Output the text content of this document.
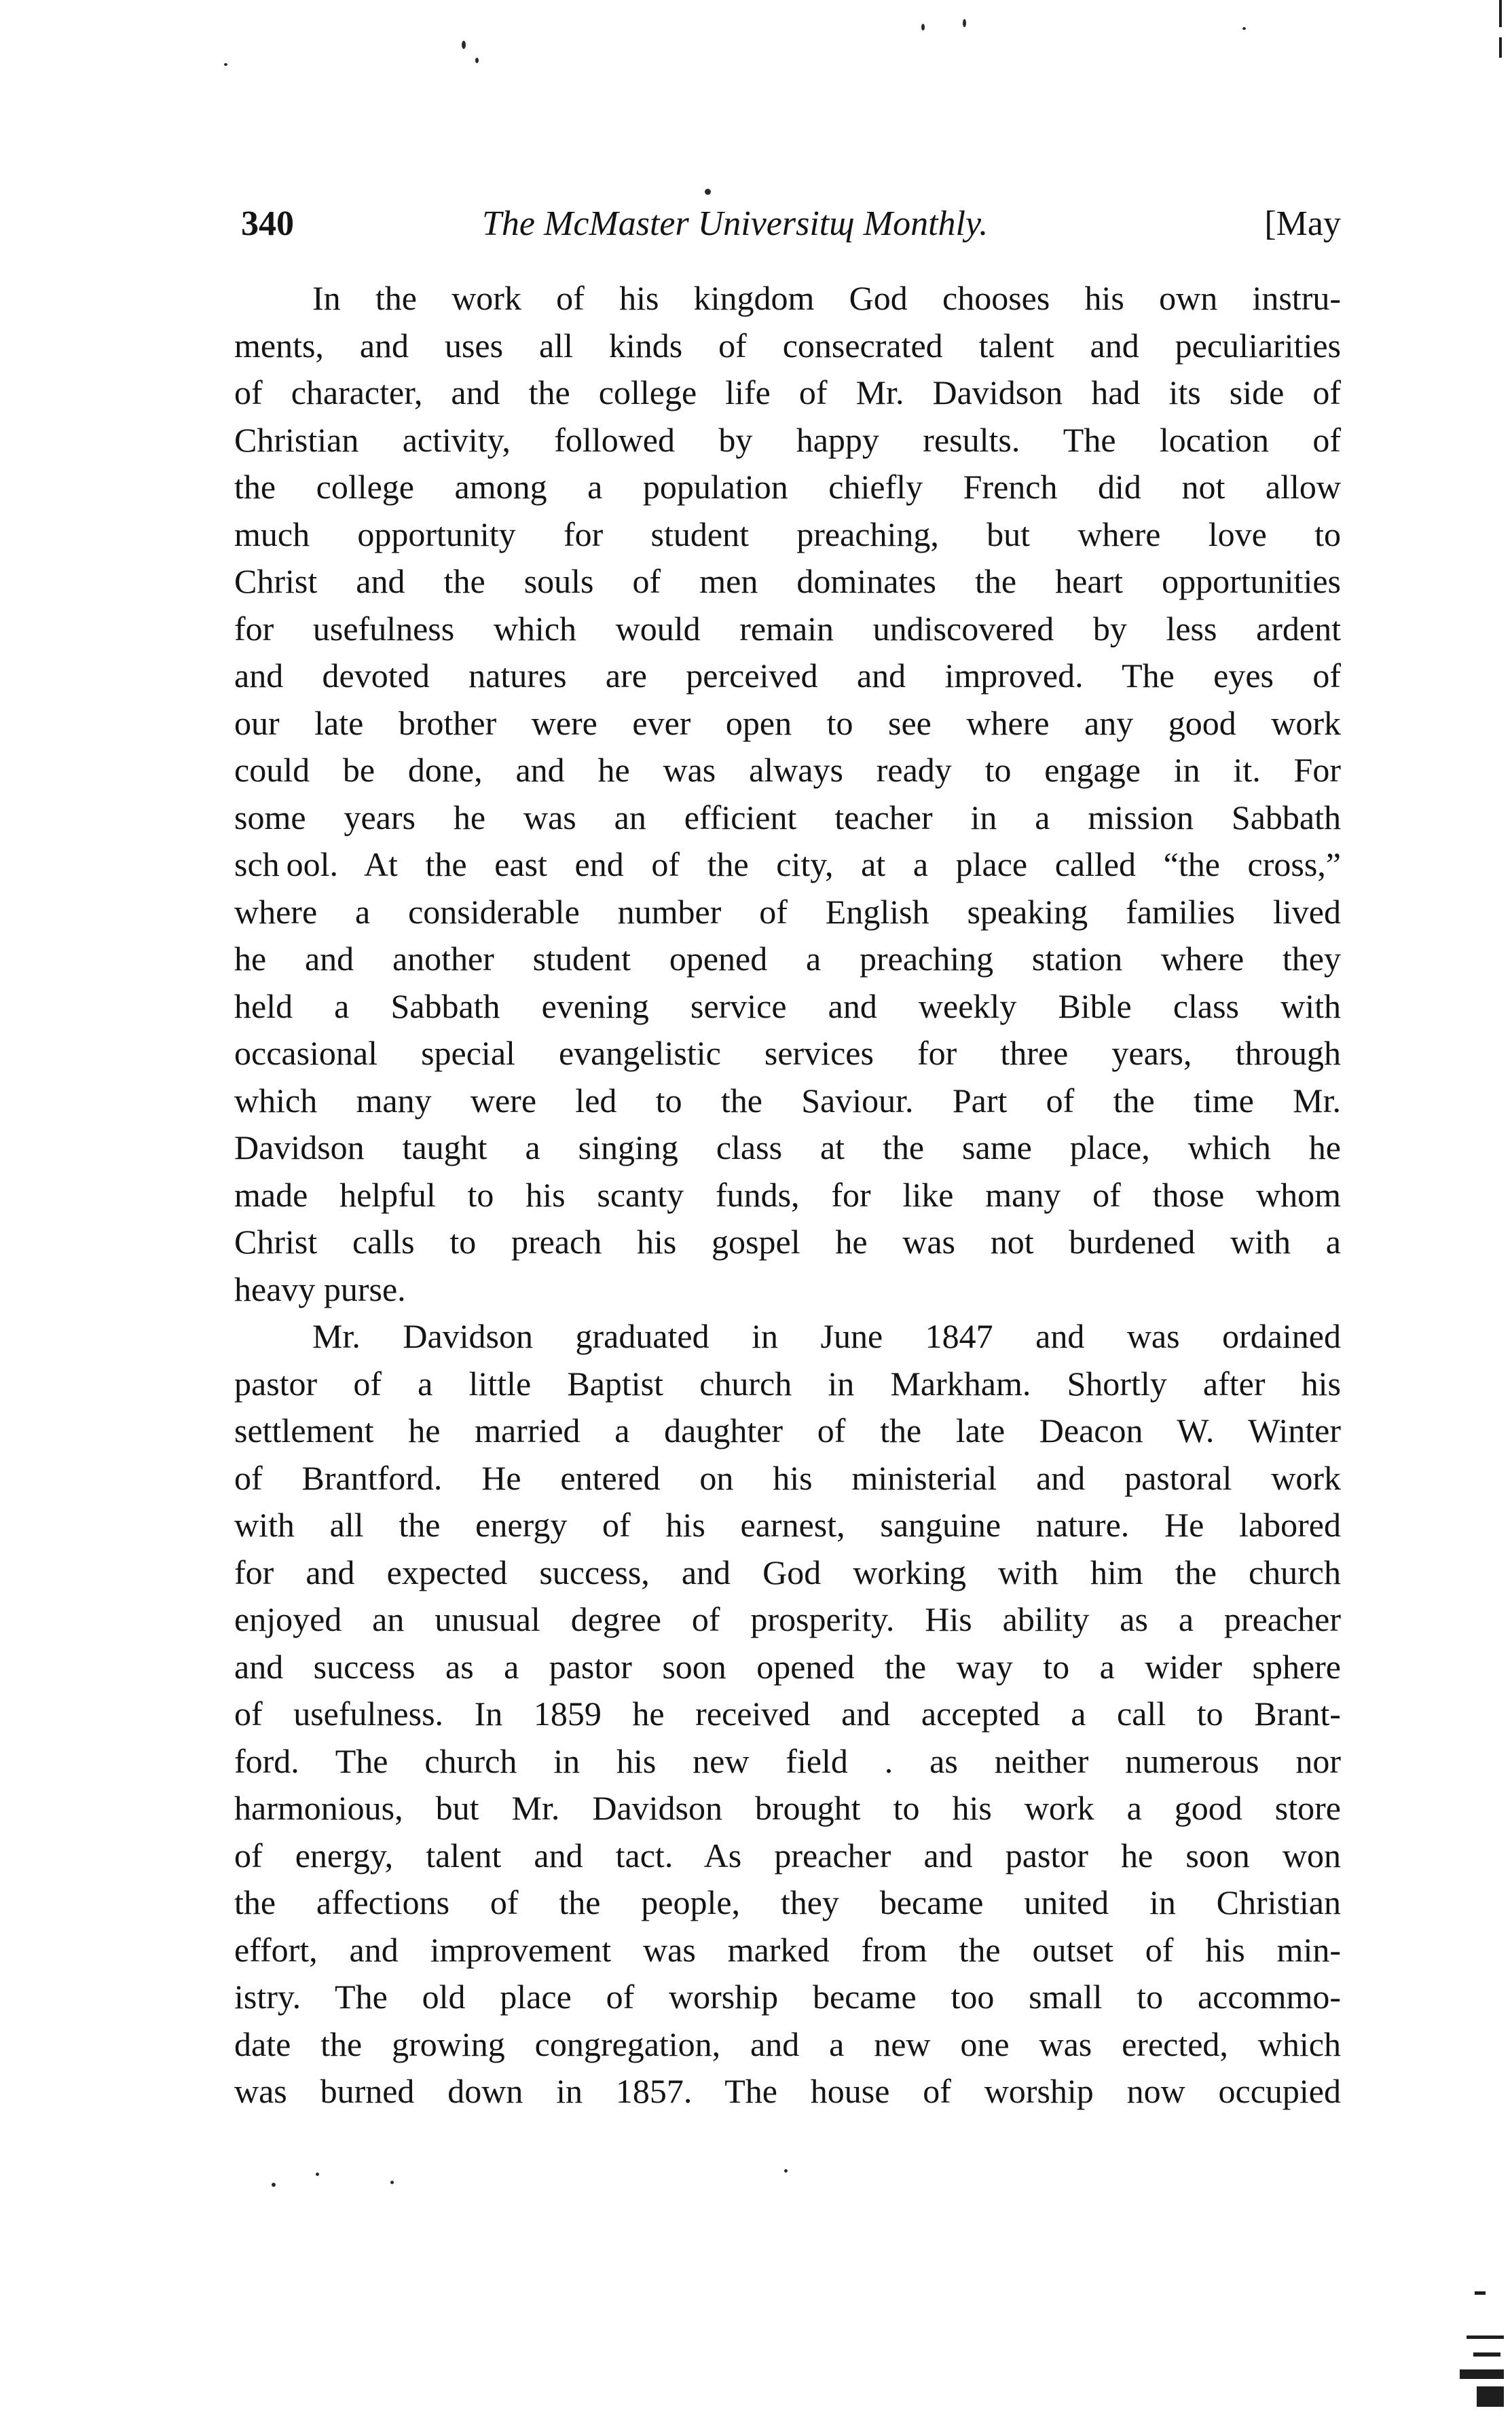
340	The McMaster Universitɰ Monthly.	[May
In the work of his kingdom God chooses his own instru-
ments, and uses all kinds of consecrated talent and peculiarities
of character, and the college life of Mr. Davidson had its side of
Christian activity, followed by happy results. The location of
the college among a population chiefly French did not allow
much opportunity for student preaching, but where love to
Christ and the souls of men dominates the heart opportunities
for usefulness which would remain undiscovered by less ardent
and devoted natures are perceived and improved. The eyes of
our late brother were ever open to see where any good work
could be done, and he was always ready to engage in it. For
some years he was an efficient teacher in a mission Sabbath
sch ool. At the east end of the city, at a place called “the cross,”
where a considerable number of English speaking families lived
he and another student opened a preaching station where they
held a Sabbath evening service and weekly Bible class with
occasional special evangelistic services for three years, through
which many were led to the Saviour. Part of the time Mr.
Davidson taught a singing class at the same place, which he
made helpful to his scanty funds, for like many of those whom
Christ calls to preach his gospel he was not burdened with a
heavy purse.
Mr. Davidson graduated in June 1847 and was ordained
pastor of a little Baptist church in Markham. Shortly after his
settlement he married a daughter of the late Deacon W. Winter
of Brantford. He entered on his ministerial and pastoral work
with all the energy of his earnest, sanguine nature. He labored
for and expected success, and God working with him the church
enjoyed an unusual degree of prosperity. His ability as a preacher
and success as a pastor soon opened the way to a wider sphere
of usefulness. In 1859 he received and accepted a call to Brant-
ford. The church in his new field . as neither numerous nor
harmonious, but Mr. Davidson brought to his work a good store
of energy, talent and tact. As preacher and pastor he soon won
the affections of the people, they became united in Christian
effort, and improvement was marked from the outset of his min-
istry. The old place of worship became too small to accommo-
date the growing congregation, and a new one was erected, which
was burned down in 1857. The house of worship now occupied
